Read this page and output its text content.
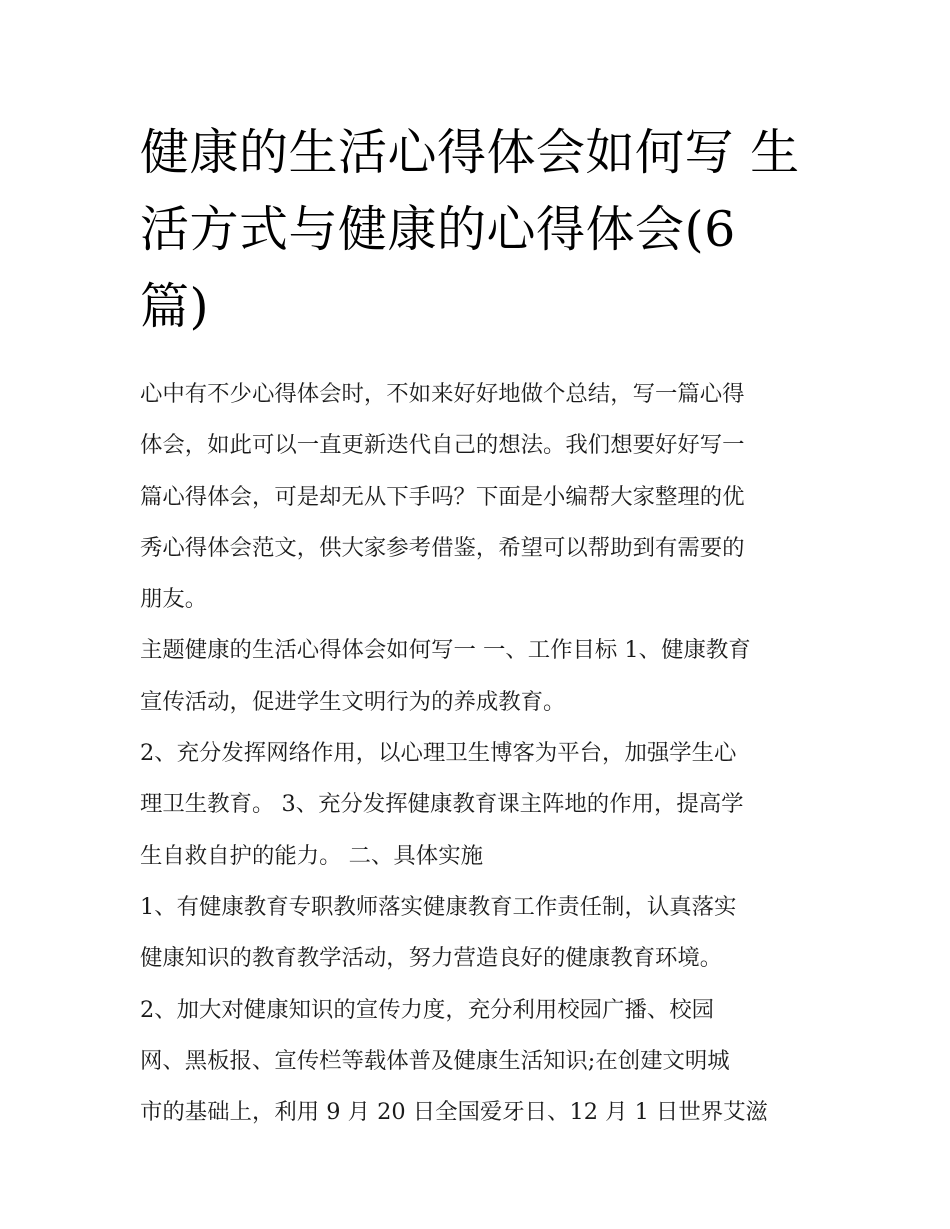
健康的生活心得体会如何写 生
活方式与健康的心得体会(6
篇)

心中有不少心得体会时，不如来好好地做个总结，写一篇心得
体会，如此可以一直更新迭代自己的想法。我们想要好好写一
篇心得体会，可是却无从下手吗？下面是小编帮大家整理的优
秀心得体会范文，供大家参考借鉴，希望可以帮助到有需要的
朋友。

主题健康的生活心得体会如何写一 一、工作目标 1、健康教育
宣传活动，促进学生文明行为的养成教育。

2、充分发挥网络作用，以心理卫生博客为平台，加强学生心
理卫生教育。 3、充分发挥健康教育课主阵地的作用，提高学
生自救自护的能力。 二、具体实施

1、有健康教育专职教师落实健康教育工作责任制，认真落实
健康知识的教育教学活动，努力营造良好的健康教育环境。

2、加大对健康知识的宣传力度，充分利用校园广播、校园
网、黑板报、宣传栏等载体普及健康生活知识;在创建文明城
市的基础上，利用 9 月 20 日全国爱牙日、12 月 1 日世界艾滋
